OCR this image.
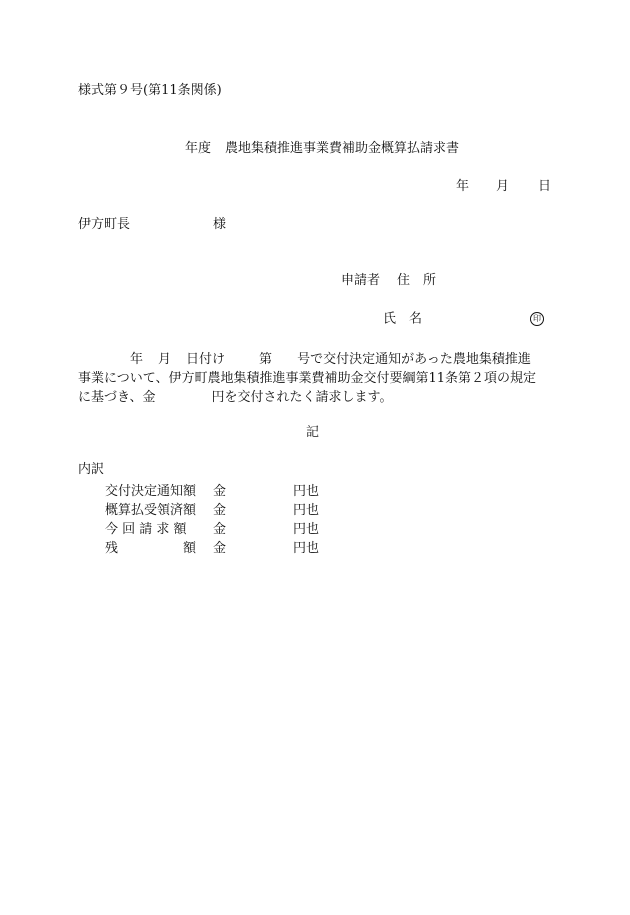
様式第９号(第11条関係)
年度 農地集積推進事業費補助金概算払請求書
年 月 日
伊方町長	様
申請者 住　所
氏　名	印
年 月 日付け	第 号で交付決定通知があった農地集積推進
事業について、伊方町農地集積推進事業費補助金交付要綱第11条第２項の規定
に基づき、金	円を交付されたく請求します。
記
内訳
交付決定通知額 金	円也
概算払受領済額 金	円也
今 回 請 求 額 金	円也
残　　　　　額 金	円也
